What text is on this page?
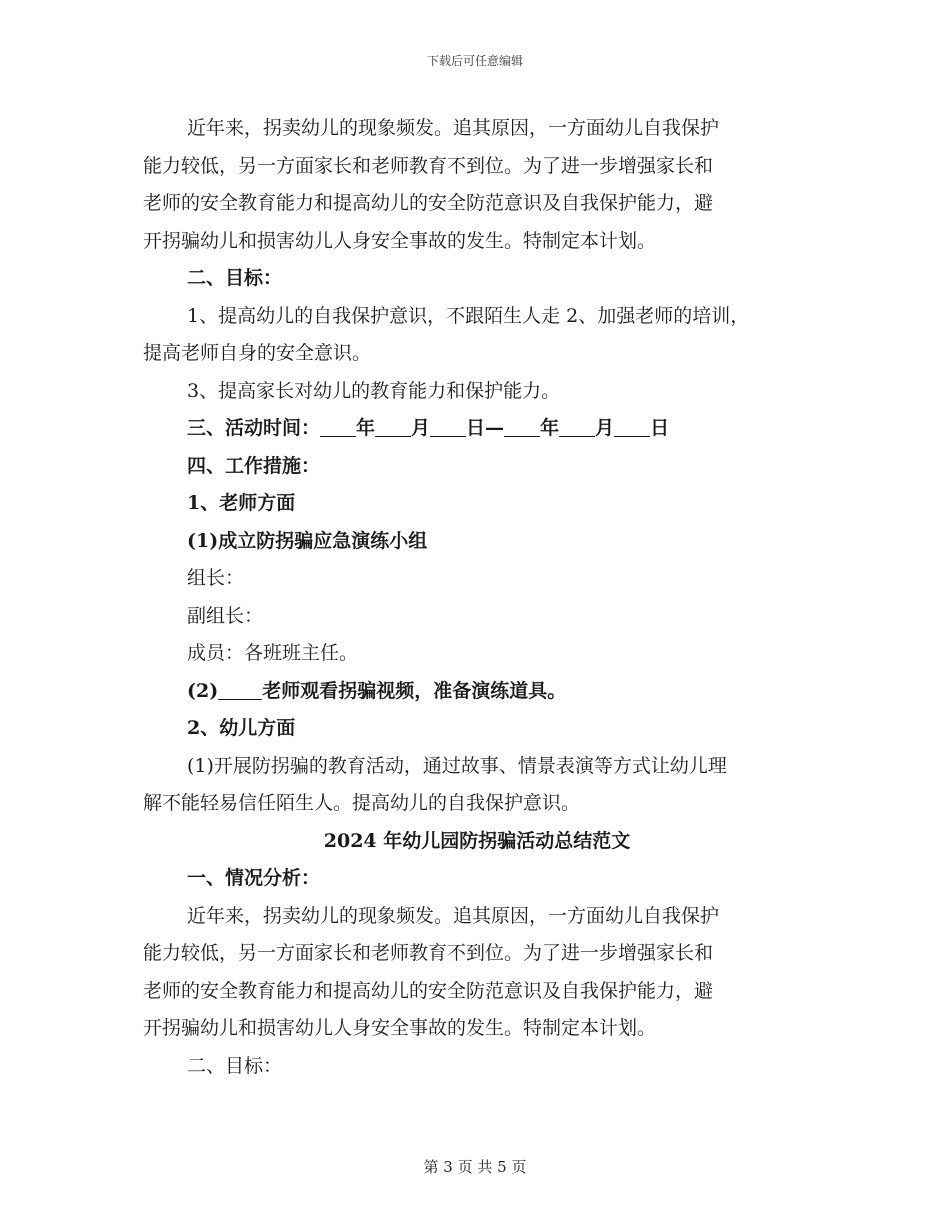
下载后可任意编辑

近年来，拐卖幼儿的现象频发。追其原因，一方面幼儿自我保护

能力较低，另一方面家长和老师教育不到位。为了进一步增强家长和

老师的安全教育能力和提高幼儿的安全防范意识及自我保护能力，避

开拐骗幼儿和损害幼儿人身安全事故的发生。特制定本计划。

二、目标：

1、提高幼儿的自我保护意识，不跟陌生人走 2、加强老师的培训，

提高老师自身的安全意识。

3、提高家长对幼儿的教育能力和保护能力。

三、活动时间： 年 月 日— 年 月 日

四、工作措施：

1、老师方面

(1)成立防拐骗应急演练小组

组长：

副组长：

成员：各班班主任。

(2) 老师观看拐骗视频，准备演练道具。

2、幼儿方面

(1)开展防拐骗的教育活动，通过故事、情景表演等方式让幼儿理

解不能轻易信任陌生人。提高幼儿的自我保护意识。

2024 年幼儿园防拐骗活动总结范文

一、情况分析：

近年来，拐卖幼儿的现象频发。追其原因，一方面幼儿自我保护

能力较低，另一方面家长和老师教育不到位。为了进一步增强家长和

老师的安全教育能力和提高幼儿的安全防范意识及自我保护能力，避

开拐骗幼儿和损害幼儿人身安全事故的发生。特制定本计划。

二、目标：

第 3 页 共 5 页
